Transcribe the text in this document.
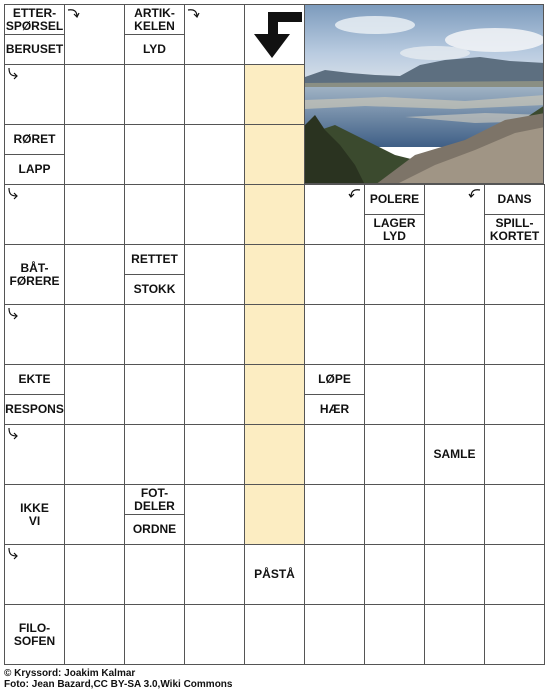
ETTER-
SPØRSEL
BERUSET
ARTIK-
KELEN
LYD
RØRET
LAPP
POLERE
LAGER
LYD
DANS
SPILL-
KORTET
BÅT-
FØRERE
RETTET
STOKK
EKTE
RESPONS
LØPE
HÆR
SAMLE
IKKE
VI
FOT-
DELER
ORDNE
PÅSTÅ
FILO-
SOFEN
© Kryssord: Joakim Kalmar
Foto: Jean Bazard,CC BY-SA 3.0,Wiki Commons
